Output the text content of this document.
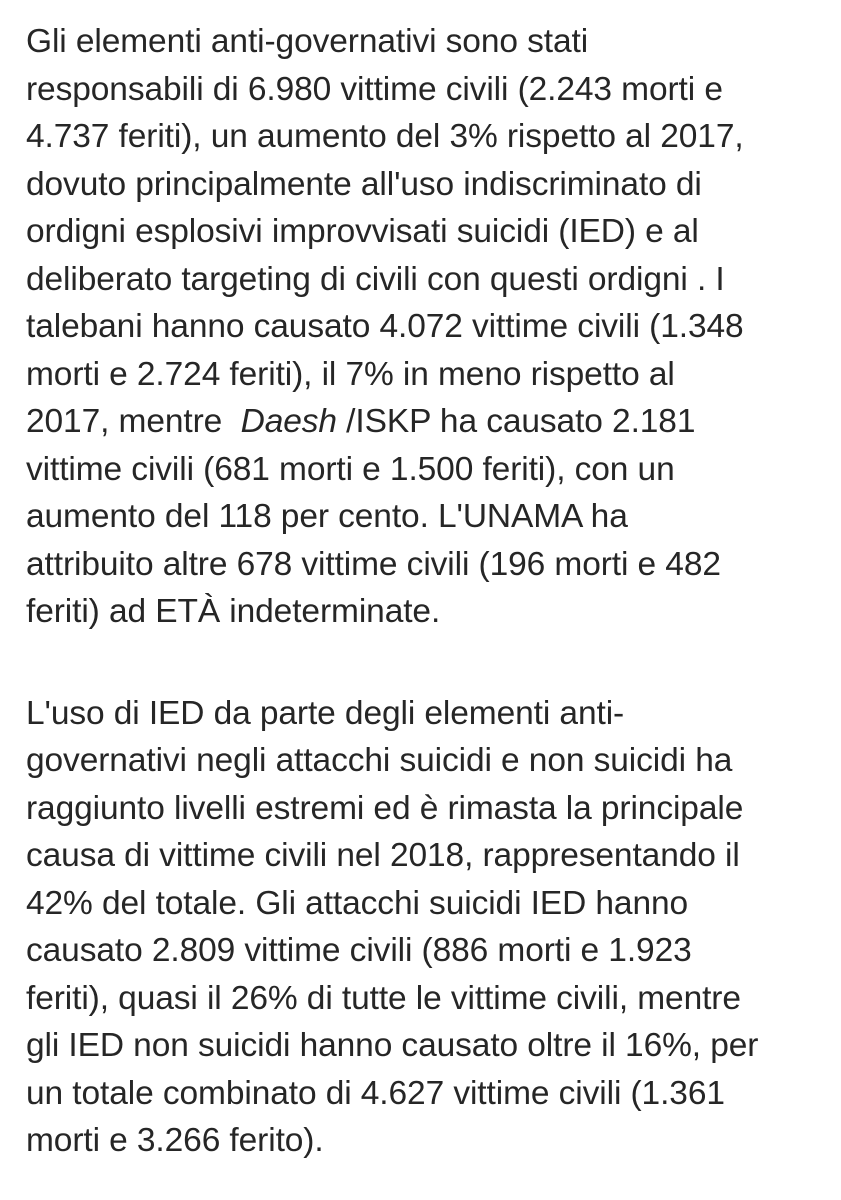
Gli elementi anti-governativi sono stati
responsabili di 6.980 vittime civili (2.243 morti e
4.737 feriti), un aumento del 3% rispetto al 2017,
dovuto principalmente all'uso indiscriminato di
ordigni esplosivi improvvisati suicidi (IED) e al
deliberato targeting di civili con questi ordigni . I
talebani hanno causato 4.072 vittime civili (1.348
morti e 2.724 feriti), il 7% in meno rispetto al
2017, mentre  Daesh /ISKP ha causato 2.181
vittime civili (681 morti e 1.500 feriti), con un
aumento del 118 per cento. L'UNAMA ha
attribuito altre 678 vittime civili (196 morti e 482
feriti) ad ETÀ indeterminate.

L'uso di IED da parte degli elementi anti-
governativi negli attacchi suicidi e non suicidi ha
raggiunto livelli estremi ed è rimasta la principale
causa di vittime civili nel 2018, rappresentando il
42% del totale. Gli attacchi suicidi IED hanno
causato 2.809 vittime civili (886 morti e 1.923
feriti), quasi il 26% di tutte le vittime civili, mentre
gli IED non suicidi hanno causato oltre il 16%, per
un totale combinato di 4.627 vittime civili (1.361
morti e 3.266 ferito).
